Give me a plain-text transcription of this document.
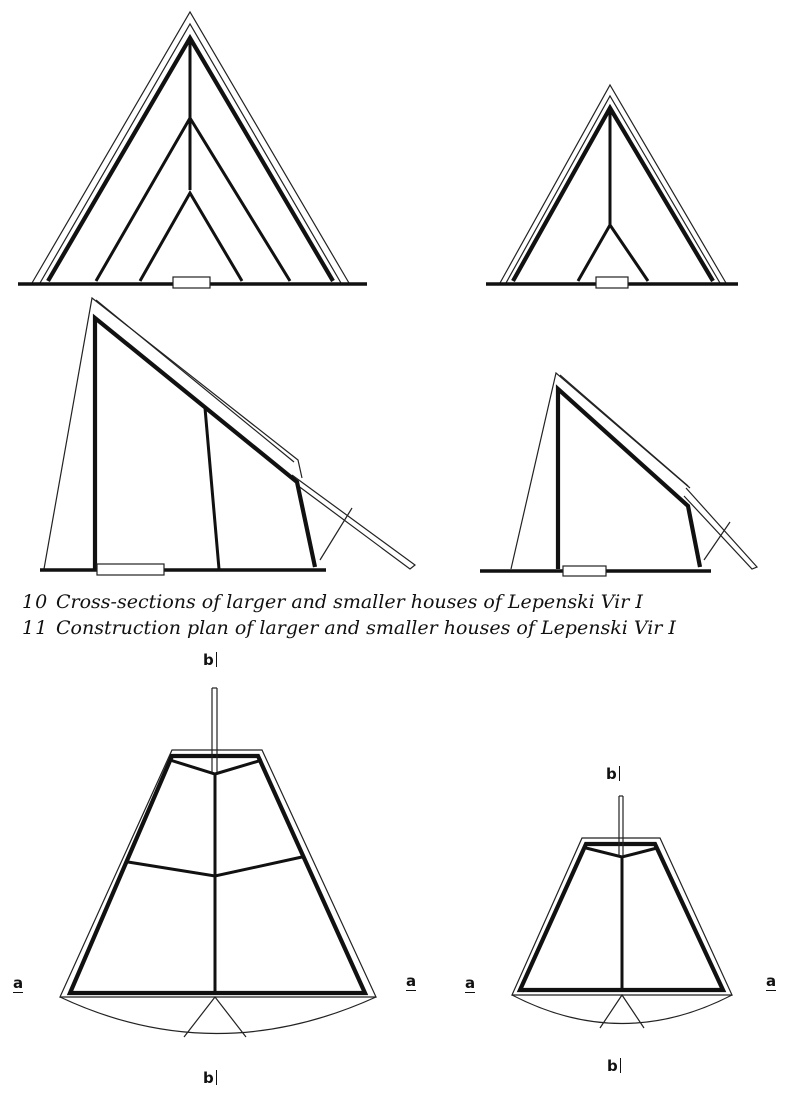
10 Cross-sections of larger and smaller houses of Lepenski Vir I
11 Construction plan of larger and smaller houses of Lepenski Vir I
b
a	a
b
b
a	a
b
